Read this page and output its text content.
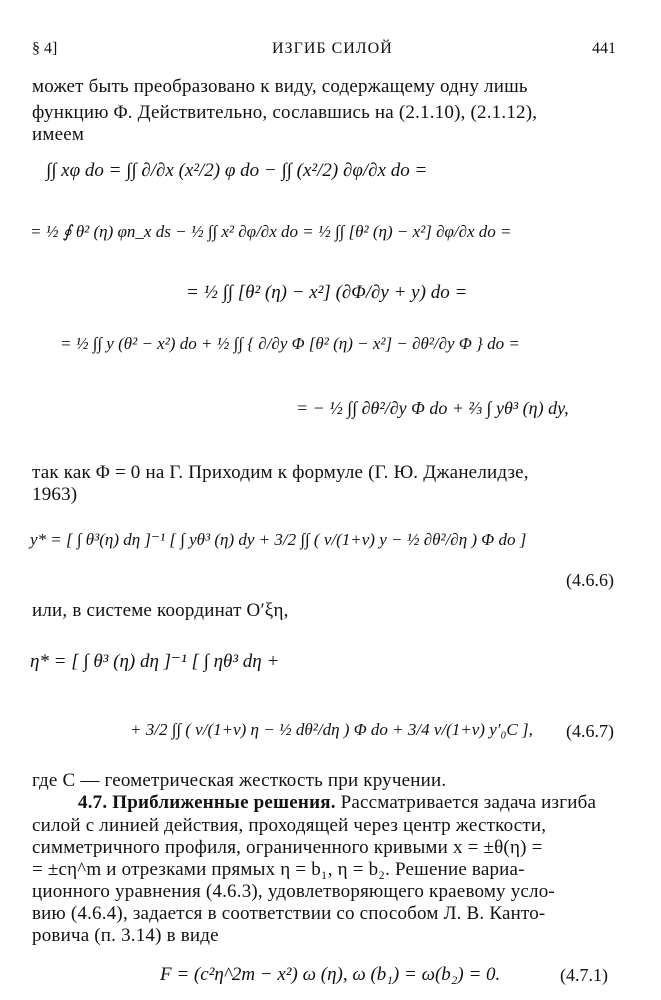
§ 4]	ИЗГИБ СИЛОЙ	441
может быть преобразовано к виду, содержащему одну лишь
функцию Φ. Действительно, сославшись на (2.1.10), (2.1.12),
имеем
∫∫ xφ do = ∫∫ ∂/∂x (x²/2) φ do − ∫∫ (x²/2) ∂φ/∂x do =
= ½ ∮ θ² (η) φn_x ds − ½ ∫∫ x² ∂φ/∂x do = ½ ∫∫ [θ² (η) − x²] ∂φ/∂x do =
= ½ ∫∫ [θ² (η) − x²] (∂Φ/∂y + y) do =
= ½ ∫∫ y (θ² − x²) do + ½ ∫∫ { ∂/∂y Φ [θ² (η) − x²] − ∂θ²/∂y Φ } do =
= − ½ ∫∫ ∂θ²/∂y Φ do + ⅔ ∫ yθ³ (η) dy,
так как Φ = 0 на Γ. Приходим к формуле (Г. Ю. Джанелидзе,
1963)
y* = [ ∫ θ³(η) dη ]⁻¹ [ ∫ yθ³ (η) dy + 3/2 ∫∫ ( ν/(1+ν) y − ½ ∂θ²/∂η ) Φ do ]
(4.6.6)
или, в системе координат O′ξη,
η* = [ ∫ θ³ (η) dη ]⁻¹ [ ∫ ηθ³ dη +
+ 3/2 ∫∫ ( ν/(1+ν) η − ½ dθ²/dη ) Φ do + 3/4 ν/(1+ν) y′₀C ], (4.6.7)
где C — геометрическая жесткость при кручении.
4.7. Приближенные решения. Рассматривается задача изгиба
силой с линией действия, проходящей через центр жесткости,
симметричного профиля, ограниченного кривыми x = ±θ(η) =
= ±cη^m и отрезками прямых η = b₁, η = b₂. Решение вариа-
ционного уравнения (4.6.3), удовлетворяющего краевому усло-
вию (4.6.4), задается в соответствии со способом Л. В. Канто-
ровича (п. 3.14) в виде
F = (c²η^2m − x²) ω (η), ω (b₁) = ω(b₂) = 0.	(4.7.1)
